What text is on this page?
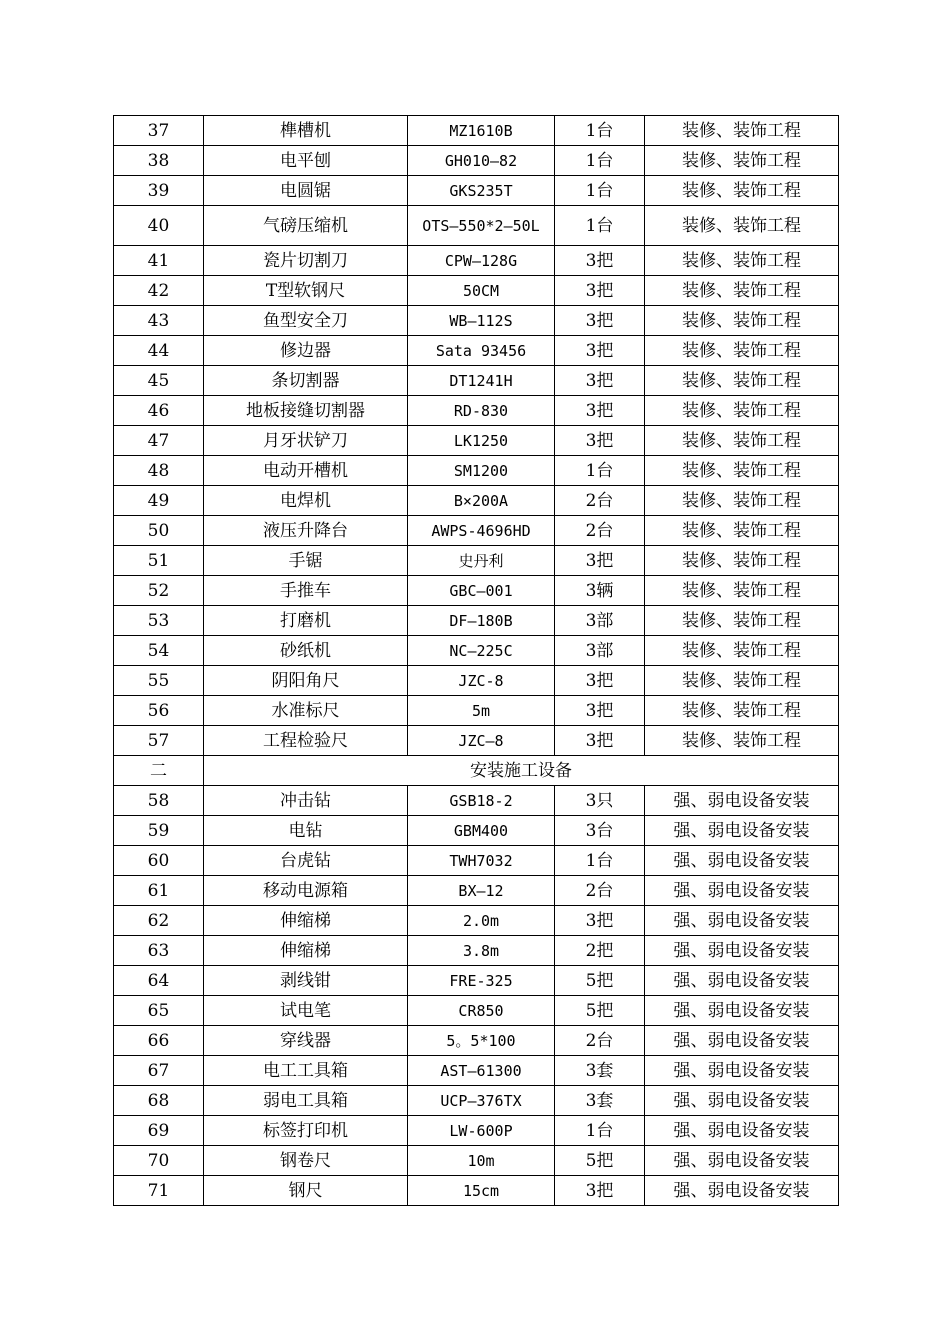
37	榫槽机	MZ1610B	1台	装修、装饰工程
38	电平刨	GH010—82	1台	装修、装饰工程
39	电圆锯	GKS235T	1台	装修、装饰工程
40	气磅压缩机	OTS—550*2—50L	1台	装修、装饰工程
41	瓷片切割刀	CPW—128G	3把	装修、装饰工程
42	T型软钢尺	50CM	3把	装修、装饰工程
43	鱼型安全刀	WB—112S	3把	装修、装饰工程
44	修边器	Sata 93456	3把	装修、装饰工程
45	条切割器	DT1241H	3把	装修、装饰工程
46	地板接缝切割器	RD-830	3把	装修、装饰工程
47	月牙状铲刀	LK1250	3把	装修、装饰工程
48	电动开槽机	SM1200	1台	装修、装饰工程
49	电焊机	B×200A	2台	装修、装饰工程
50	液压升降台	AWPS-4696HD	2台	装修、装饰工程
51	手锯	史丹利	3把	装修、装饰工程
52	手推车	GBC—001	3辆	装修、装饰工程
53	打磨机	DF—180B	3部	装修、装饰工程
54	砂纸机	NC—225C	3部	装修、装饰工程
55	阴阳角尺	JZC-8	3把	装修、装饰工程
56	水准标尺	5m	3把	装修、装饰工程
57	工程检验尺	JZC—8	3把	装修、装饰工程
二	安装施工设备			
58	冲击钻	GSB18-2	3只	强、弱电设备安装
59	电钻	GBM400	3台	强、弱电设备安装
60	台虎钻	TWH7032	1台	强、弱电设备安装
61	移动电源箱	BX—12	2台	强、弱电设备安装
62	伸缩梯	2.0m	3把	强、弱电设备安装
63	伸缩梯	3.8m	2把	强、弱电设备安装
64	剥线钳	FRE-325	5把	强、弱电设备安装
65	试电笔	CR850	5把	强、弱电设备安装
66	穿线器	5。5*100	2台	强、弱电设备安装
67	电工工具箱	AST—61300	3套	强、弱电设备安装
68	弱电工具箱	UCP—376TX	3套	强、弱电设备安装
69	标签打印机	LW-600P	1台	强、弱电设备安装
70	钢卷尺	10m	5把	强、弱电设备安装
71	钢尺	15cm	3把	强、弱电设备安装
